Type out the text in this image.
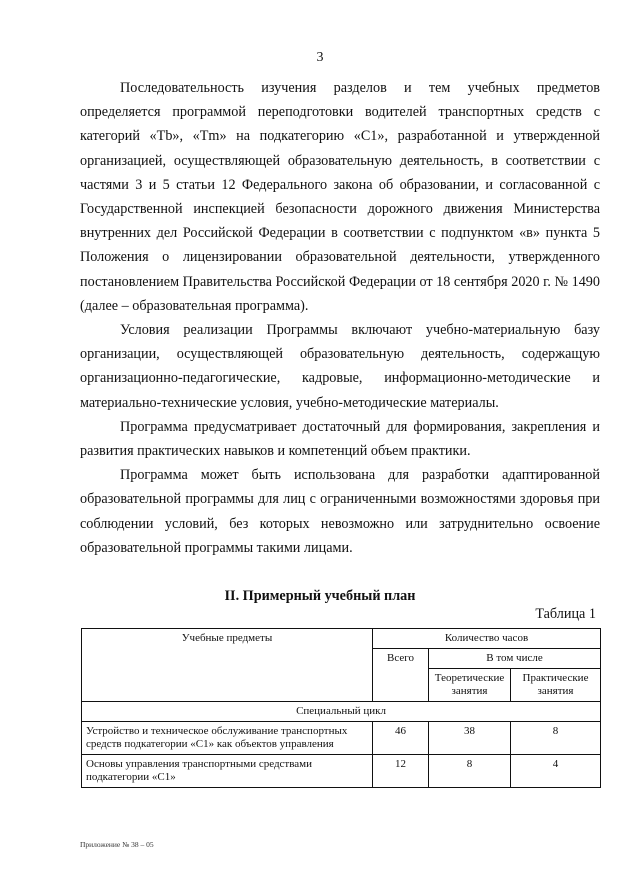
3

Последовательность изучения разделов и тем учебных предметов определяется программой переподготовки водителей транспортных средств с категорий «Tb», «Tm» на подкатегорию «C1», разработанной и утвержденной организацией, осуществляющей образовательную деятельность, в соответствии с частями 3 и 5 статьи 12 Федерального закона об образовании, и согласованной с Государственной инспекцией безопасности дорожного движения Министерства внутренних дел Российской Федерации в соответствии с подпунктом «в» пункта 5 Положения о лицензировании образовательной деятельности, утвержденного постановлением Правительства Российской Федерации от 18 сентября 2020 г. № 1490 (далее – образовательная программа).

Условия реализации Программы включают учебно-материальную базу организации, осуществляющей образовательную деятельность, содержащую организационно-педагогические, кадровые, информационно-методические и материально-технические условия, учебно-методические материалы.

Программа предусматривает достаточный для формирования, закрепления и развития практических навыков и компетенций объем практики.

Программа может быть использована для разработки адаптированной образовательной программы для лиц с ограниченными возможностями здоровья при соблюдении условий, без которых невозможно или затруднительно освоение образовательной программы такими лицами.

II. Примерный учебный план
Таблица 1
Учебные предметы	Количество часов		
	Всего	В том числе	
		Теоретические занятия	Практические занятия
Специальный цикл			
Устройство и техническое обслуживание транспортных средств подкатегории «C1» как объектов управления	46	38	8
Основы управления транспортными средствами подкатегории «C1»	12	8	4
Приложение № 38 – 05
